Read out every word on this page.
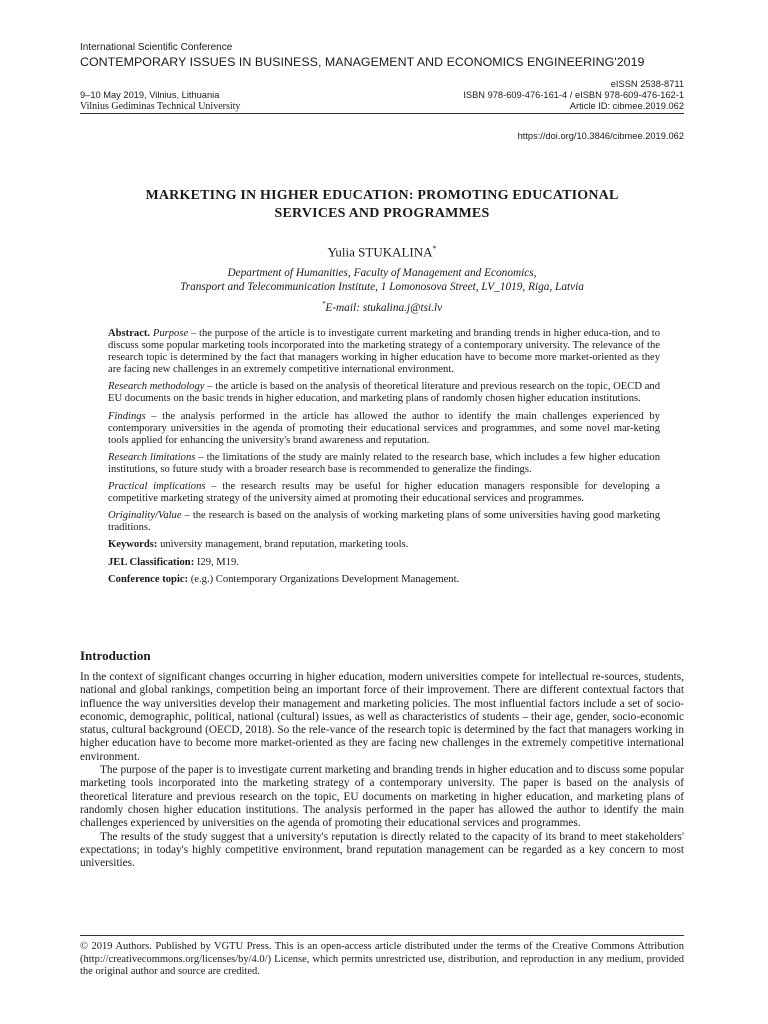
International Scientific Conference
CONTEMPORARY ISSUES IN BUSINESS, MANAGEMENT AND ECONOMICS ENGINEERING'2019
9–10 May 2019, Vilnius, Lithuania
Vilnius Gediminas Technical University
eISSN 2538-8711
ISBN 978-609-476-161-4 / eISBN 978-609-476-162-1
Article ID: cibmee.2019.062
https://doi.org/10.3846/cibmee.2019.062
MARKETING IN HIGHER EDUCATION: PROMOTING EDUCATIONAL
SERVICES AND PROGRAMMES
Yulia STUKALINA*
Department of Humanities, Faculty of Management and Economics,
Transport and Telecommunication Institute, 1 Lomonosova Street, LV_1019, Riga, Latvia
*E-mail: stukalina.j@tsi.lv

Abstract. Purpose – the purpose of the article is to investigate current marketing and branding trends in higher educa-tion, and to discuss some popular marketing tools incorporated into the marketing strategy of a contemporary university. The relevance of the research topic is determined by the fact that managers working in higher education have to become more market-oriented as they are facing new challenges in an extremely competitive international environment.

Research methodology – the article is based on the analysis of theoretical literature and previous research on the topic, OECD and EU documents on the basic trends in higher education, and marketing plans of randomly chosen higher education institutions.

Findings – the analysis performed in the article has allowed the author to identify the main challenges experienced by contemporary universities in the agenda of promoting their educational services and programmes, and some novel mar-keting tools applied for enhancing the university's brand awareness and reputation.

Research limitations – the limitations of the study are mainly related to the research base, which includes a few higher education institutions, so future study with a broader research base is recommended to generalize the findings.

Practical implications – the research results may be useful for higher education managers responsible for developing a competitive marketing strategy of the university aimed at promoting their educational services and programmes.

Originality/Value – the research is based on the analysis of working marketing plans of some universities having good marketing traditions.

Keywords: university management, brand reputation, marketing tools.

JEL Classification: I29, M19.

Conference topic: (e.g.) Contemporary Organizations Development Management.

Introduction

In the context of significant changes occurring in higher education, modern universities compete for intellectual re-sources, students, national and global rankings, competition being an important force of their improvement. There are different contextual factors that influence the way universities develop their management and marketing policies. The most influential factors include a set of socio-economic, demographic, political, national (cultural) issues, as well as characteristics of students – their age, gender, socio-economic status, cultural background (OECD, 2018). So the rele-vance of the research topic is determined by the fact that managers working in higher education have to become more market-oriented as they are facing new challenges in the extremely competitive international environment.

The purpose of the paper is to investigate current marketing and branding trends in higher education and to discuss some popular marketing tools incorporated into the marketing strategy of a contemporary university. The paper is based on the analysis of theoretical literature and previous research on the topic, EU documents on marketing in higher education, and marketing plans of randomly chosen higher education institutions. The analysis performed in the paper has allowed the author to identify the main challenges experienced by universities on the agenda of promoting their educational services and programmes.

The results of the study suggest that a university's reputation is directly related to the capacity of its brand to meet stakeholders' expectations; in today's highly competitive environment, brand reputation management can be regarded as a key concern to most universities.

© 2019 Authors. Published by VGTU Press. This is an open-access article distributed under the terms of the Creative Commons Attribution (http://creativecommons.org/licenses/by/4.0/) License, which permits unrestricted use, distribution, and reproduction in any medium, provided the original author and source are credited.
